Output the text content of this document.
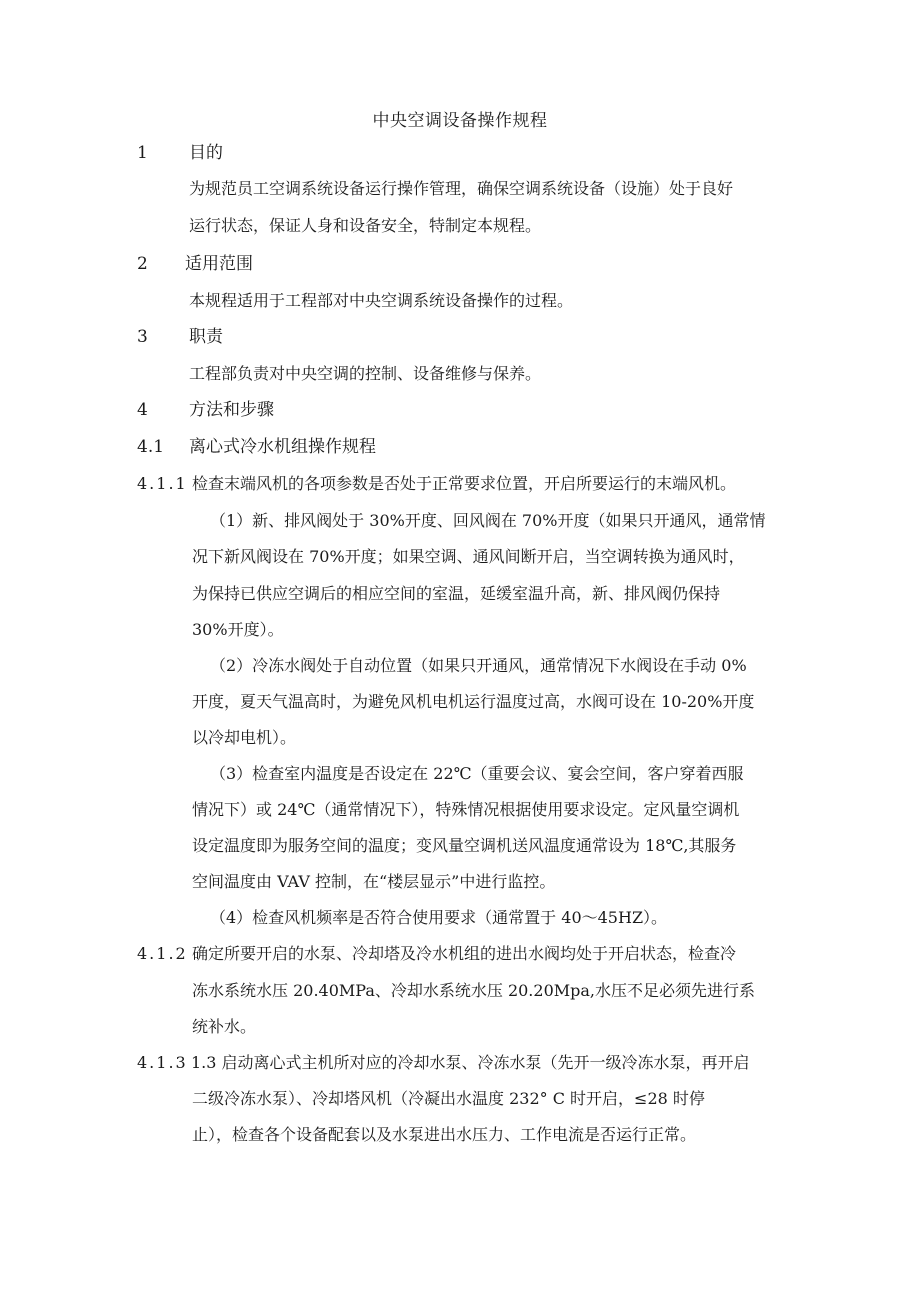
中央空调设备操作规程
1 目的
为规范员工空调系统设备运行操作管理，确保空调系统设备（设施）处于良好
运行状态，保证人身和设备安全，特制定本规程。
2 适用范围
本规程适用于工程部对中央空调系统设备操作的过程。
3 职责
工程部负责对中央空调的控制、设备维修与保养。
4 方法和步骤
4.1 离心式冷水机组操作规程
4.1.1 检查末端风机的各项参数是否处于正常要求位置，开启所要运行的末端风机。
（1）新、排风阀处于 30%开度、回风阀在 70%开度（如果只开通风，通常情
况下新风阀设在 70%开度；如果空调、通风间断开启，当空调转换为通风时，
为保持已供应空调后的相应空间的室温，延缓室温升高，新、排风阀仍保持
30%开度）。
（2）冷冻水阀处于自动位置（如果只开通风，通常情况下水阀设在手动 0%
开度，夏天气温高时，为避免风机电机运行温度过高，水阀可设在 10-20%开度
以冷却电机）。
（3）检查室内温度是否设定在 22℃（重要会议、宴会空间，客户穿着西服
情况下）或 24℃（通常情况下），特殊情况根据使用要求设定。定风量空调机
设定温度即为服务空间的温度；变风量空调机送风温度通常设为 18℃,其服务
空间温度由 VAV 控制，在“楼层显示”中进行监控。
（4）检查风机频率是否符合使用要求（通常置于 40～45HZ）。
4.1.2 确定所要开启的水泵、冷却塔及冷水机组的进出水阀均处于开启状态，检查冷
冻水系统水压 20.40MPa、冷却水系统水压 20.20Mpa,水压不足必须先进行系
统补水。
4.1.3 1.3 启动离心式主机所对应的冷却水泵、冷冻水泵（先开一级冷冻水泵，再开启
二级冷冻水泵）、冷却塔风机（冷凝出水温度 232° C 时开启，≤28 时停
止），检查各个设备配套以及水泵进出水压力、工作电流是否运行正常。
